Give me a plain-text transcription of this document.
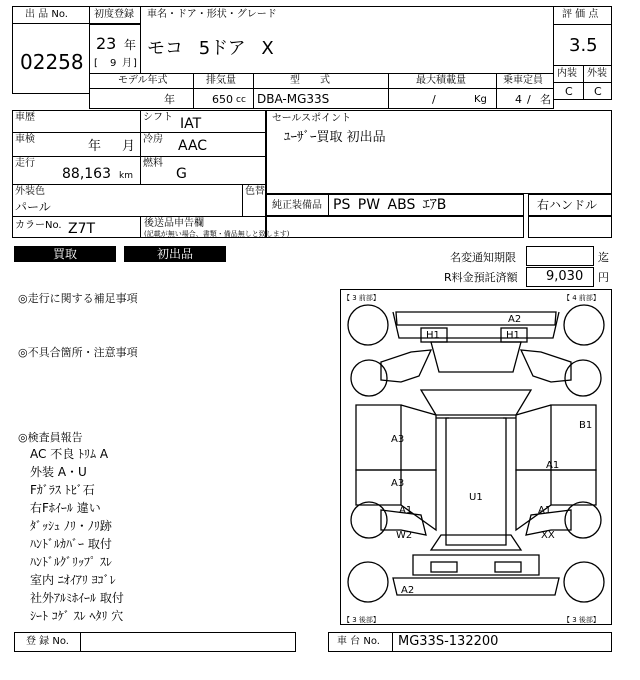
出 品 No.
02258
初度登録 車名・ドア・形状・グレード
23 年
[ 9 月 ]
モコ 5ドア X
評 価 点
3.5
内装 外装
C C
モデル年式	排気量	型　　式	最大積載量	乗車定員
年	650 cc DBA-MG33S	/	Kg	4 / 名
車歴	シフト IAT
車検	年 月 冷房 AAC
走行
88,163 km
燃料
G
外装色
パール
色替
カラーNo. Z7T	後送品申告欄
(記載が無い場合、書類・備品無しと致します)
セールスポイント
ﾕｰｻﾞｰ買取 初出品
純正装備品 PS PW ABS ｴｱB	右ハンドル
買取	初出品	名変通知期限	迄
R料金預託済額 9,030 円
◎走行に関する補足事項
◎不具合箇所・注意事項
◎検査員報告
AC 不良 ﾄﾘﾑ A
外装 A・U
Fｶﾞﾗｽ ﾄﾋﾞ石
右Fﾎｲｰﾙ 違い
ﾀﾞｯｼｭ ﾉﾘ・ﾉﾘ跡
ﾊﾝﾄﾞﾙｶﾊﾞｰ 取付
ﾊﾝﾄﾞﾙｸﾞﾘｯﾌﾟ ｽﾚ
室内 ﾆｵｲｱﾘ ﾖｺﾞﾚ
社外ｱﾙﾐﾎｲｰﾙ 取付
ｼｰﾄ ｺｹﾞ ｽﾚ ﾍﾀﾘ 穴
【 3 前部】	【 4 前部】
【 3 後部】	【 3 後部】
A2
H1	H1
A3
A3
B1
A1
U1
A1	A1
W2	XX
A2
登 録 No.	車 台 No. MG33S-132200
